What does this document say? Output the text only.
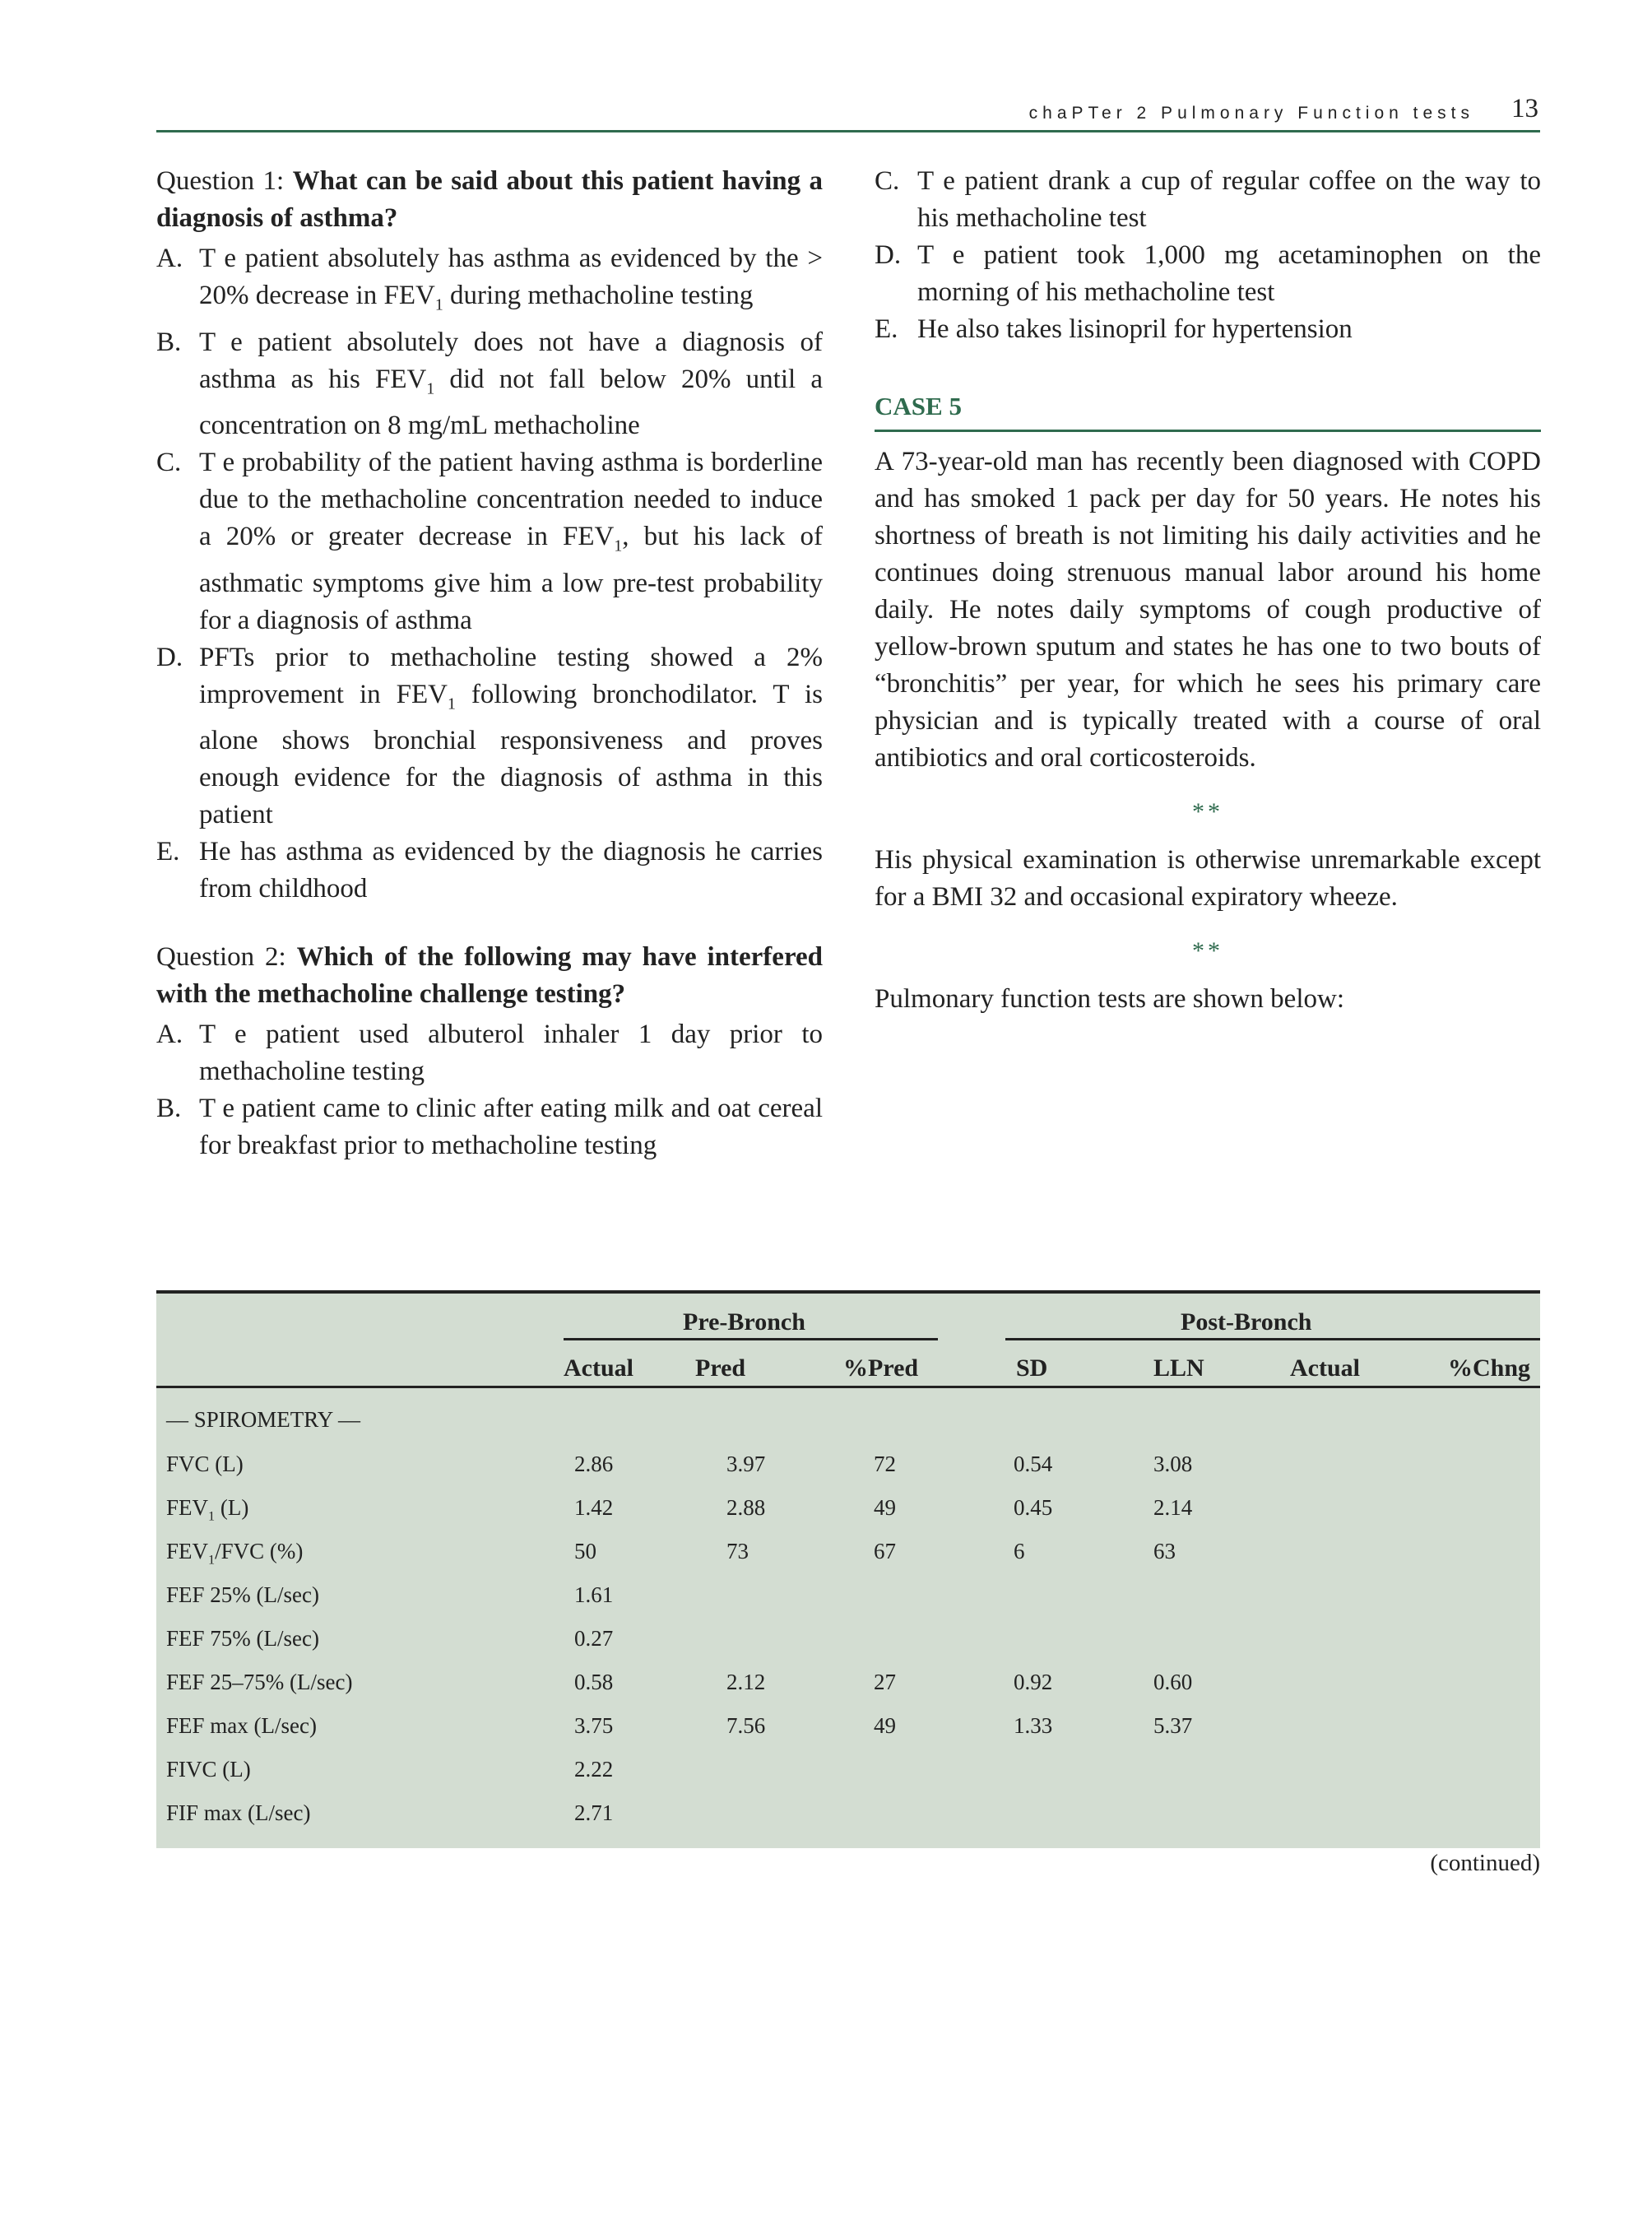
chaPTer 2 Pulmonary Function tests 13
Question 1: What can be said about this patient having a diagnosis of asthma?
A. T e patient absolutely has asthma as evidenced by the > 20% decrease in $FEV_1$ during methacholine testing
B. T e patient absolutely does not have a diagnosis of asthma as his $FEV_1$ did not fall below 20% until a concentration on 8 mg/mL methacholine
C. T e probability of the patient having asthma is borderline due to the methacholine concentration needed to induce a 20% or greater decrease in $FEV_1$, but his lack of asthmatic symptoms give him a low pre-test probability for a diagnosis of asthma
D. PFTs prior to methacholine testing showed a 2% improvement in $FEV_1$ following bronchodilator. T is alone shows bronchial responsiveness and proves enough evidence for the diagnosis of asthma in this patient
E. He has asthma as evidenced by the diagnosis he carries from childhood
Question 2: Which of the following may have interfered with the methacholine challenge testing?
A. T e patient used albuterol inhaler 1 day prior to methacholine testing
B. T e patient came to clinic after eating milk and oat cereal for breakfast prior to methacholine testing
C. T e patient drank a cup of regular coffee on the way to his methacholine test
D. T e patient took 1,000 mg acetaminophen on the morning of his methacholine test
E. He also takes lisinopril for hypertension
CASE 5
A 73-year-old man has recently been diagnosed with COPD and has smoked 1 pack per day for 50 years. He notes his shortness of breath is not limiting his daily activities and he continues doing strenuous manual labor around his home daily. He notes daily symptoms of cough productive of yellow-brown sputum and states he has one to two bouts of “bronchitis” per year, for which he sees his primary care physician and is typically treated with a course of oral antibiotics and oral corticosteroids.
**
His physical examination is otherwise unremarkable except for a BMI 32 and occasional expiratory wheeze.
**
Pulmonary function tests are shown below:
Pre-Bronch	Post-Bronch
Actual	Pred	%Pred	SD	LLN	Actual	%Chng
— SPIROMETRY —
FVC (L)	2.86	3.97	72	0.54	3.08
$FEV_1$ (L)	1.42	2.88	49	0.45	2.14
$FEV_1$/FVC (%)	50	73	67	6	63
FEF 25% (L/sec)	1.61
FEF 75% (L/sec)	0.27
FEF 25–75% (L/sec)	0.58	2.12	27	0.92	0.60
FEF max (L/sec)	3.75	7.56	49	1.33	5.37
FIVC (L)	2.22
FIF max (L/sec)	2.71
(continued)
